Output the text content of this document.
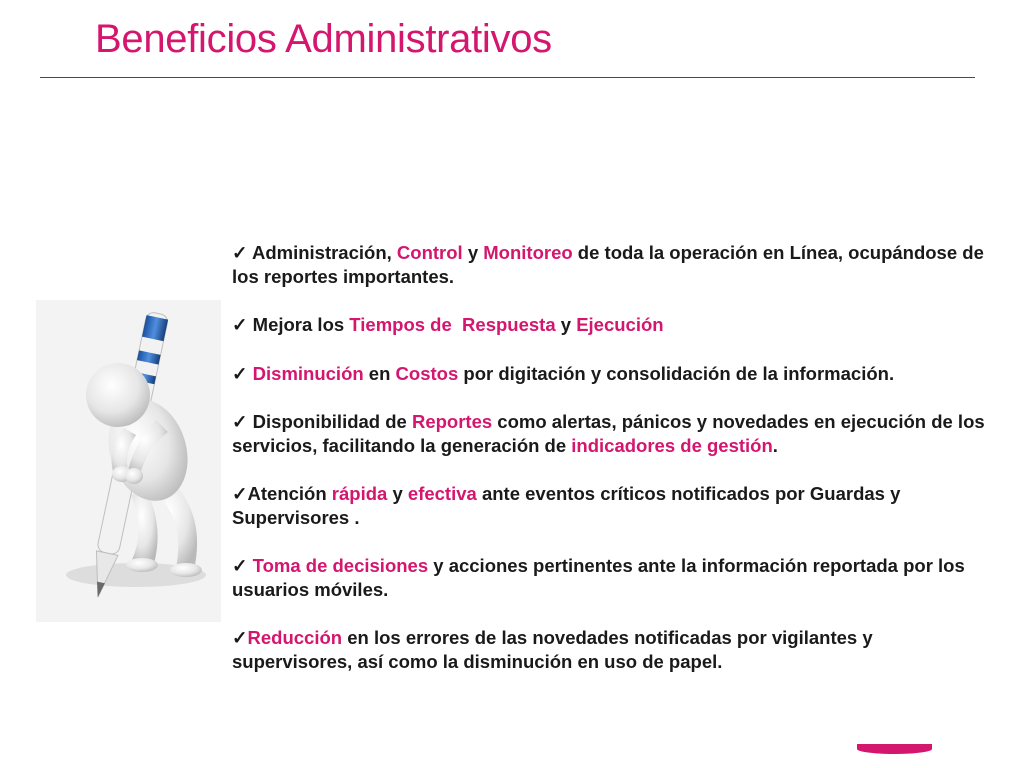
Beneficios Administrativos
✓ Administración, Control y Monitoreo de toda la operación en Línea, ocupándose de los reportes importantes.
✓ Mejora los Tiempos de  Respuesta y Ejecución
✓ Disminución en Costos por digitación y consolidación de la información.
✓ Disponibilidad de Reportes como alertas, pánicos y novedades en ejecución de los servicios, facilitando la generación de indicadores de gestión.
✓Atención rápida y efectiva ante eventos críticos notificados por Guardas y Supervisores .
✓ Toma de decisiones y acciones pertinentes ante la información reportada por los usuarios móviles.
✓Reducción en los errores de las novedades notificadas por vigilantes y supervisores, así como la disminución en uso de papel.
